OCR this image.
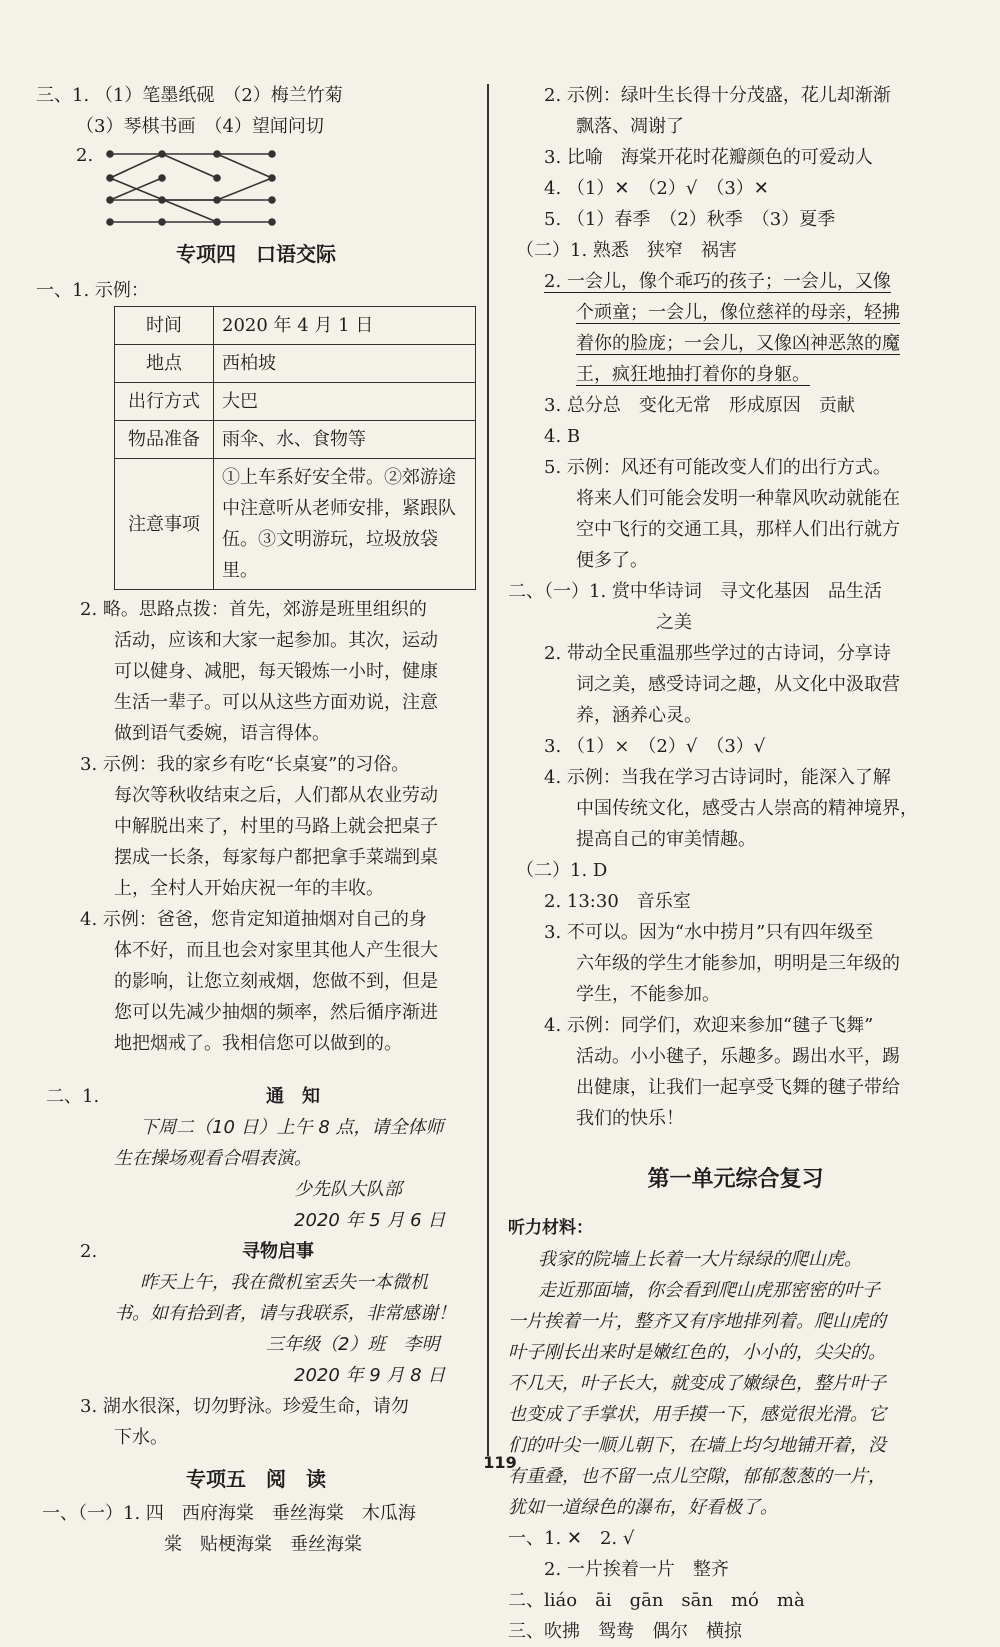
三、1. （1）笔墨纸砚　（2）梅兰竹菊
（3）琴棋书画　（4）望闻问切
2.
专项四　口语交际
一、1. 示例：
时间	2020 年 4 月 1 日
地点	西柏坡
出行方式	大巴
物品准备	雨伞、水、食物等
注意事项	①上车系好安全带。②郊游途中注意听从老师安排，紧跟队伍。③文明游玩，垃圾放袋里。
2. 略。思路点拨：首先，郊游是班里组织的
活动，应该和大家一起参加。其次，运动
可以健身、减肥，每天锻炼一小时，健康
生活一辈子。可以从这些方面劝说，注意
做到语气委婉，语言得体。
3. 示例：我的家乡有吃“长桌宴”的习俗。
每次等秋收结束之后，人们都从农业劳动
中解脱出来了，村里的马路上就会把桌子
摆成一长条，每家每户都把拿手菜端到桌
上，全村人开始庆祝一年的丰收。
4. 示例：爸爸，您肯定知道抽烟对自己的身
体不好，而且也会对家里其他人产生很大
的影响，让您立刻戒烟，您做不到，但是
您可以先减少抽烟的频率，然后循序渐进
地把烟戒了。我相信您可以做到的。
二、1.	通　知
下周二（10 日）上午 8 点，请全体师
生在操场观看合唱表演。
少先队大队部
2020 年 5 月 6 日
2.	寻物启事
昨天上午，我在微机室丢失一本微机
书。如有拾到者，请与我联系，非常感谢！
三年级（2）班　李明
2020 年 9 月 8 日
3. 湖水很深，切勿野泳。珍爱生命，请勿
下水。
专项五　阅　读
一、（一）1. 四　西府海棠　垂丝海棠　木瓜海
棠　贴梗海棠　垂丝海棠
2. 示例：绿叶生长得十分茂盛，花儿却渐渐
飘落、凋谢了
3. 比喻　海棠开花时花瓣颜色的可爱动人
4. （1）✕　（2）√　（3）✕
5. （1）春季　（2）秋季　（3）夏季
（二）1. 熟悉　狭窄　祸害
2. 一会儿，像个乖巧的孩子；一会儿，又像
个顽童；一会儿，像位慈祥的母亲，轻拂
着你的脸庞；一会儿，又像凶神恶煞的魔
王，疯狂地抽打着你的身躯。
3. 总分总　变化无常　形成原因　贡献
4. B
5. 示例：风还有可能改变人们的出行方式。
将来人们可能会发明一种靠风吹动就能在
空中飞行的交通工具，那样人们出行就方
便多了。
二、（一）1. 赏中华诗词　寻文化基因　品生活
之美
2. 带动全民重温那些学过的古诗词，分享诗
词之美，感受诗词之趣，从文化中汲取营
养，涵养心灵。
3. （1）×　（2）√　（3）√
4. 示例：当我在学习古诗词时，能深入了解
中国传统文化，感受古人崇高的精神境界，
提高自己的审美情趣。
（二）1. D
2. 13:30　音乐室
3. 不可以。因为“水中捞月”只有四年级至
六年级的学生才能参加，明明是三年级的
学生，不能参加。
4. 示例：同学们，欢迎来参加“毽子飞舞”
活动。小小毽子，乐趣多。踢出水平，踢
出健康，让我们一起享受飞舞的毽子带给
我们的快乐！
第一单元综合复习
听力材料：
我家的院墙上长着一大片绿绿的爬山虎。
走近那面墙，你会看到爬山虎那密密的叶子
一片挨着一片，整齐又有序地排列着。爬山虎的
叶子刚长出来时是嫩红色的，小小的，尖尖的。
不几天，叶子长大，就变成了嫩绿色，整片叶子
也变成了手掌状，用手摸一下，感觉很光滑。它
们的叶尖一顺儿朝下，在墙上均匀地铺开着，没
有重叠，也不留一点儿空隙，郁郁葱葱的一片，
犹如一道绿色的瀑布，好看极了。
一、1. ✕　2. √
2. 一片挨着一片　整齐
二、liáo　āi　gān　sān　mó　mà
三、吹拂　鸳鸯　偶尔　横掠
119
